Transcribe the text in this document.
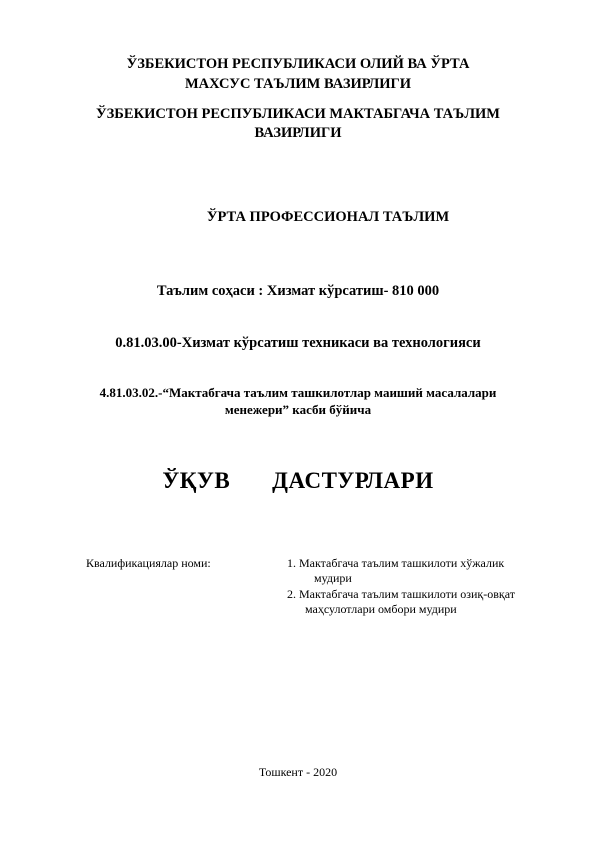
ЎЗБЕКИСТОН РЕСПУБЛИКАСИ ОЛИЙ ВА ЎРТА
МАХСУС ТАЪЛИМ ВАЗИРЛИГИ
ЎЗБЕКИСТОН РЕСПУБЛИКАСИ МАКТАБГАЧА ТАЪЛИМ
ВАЗИРЛИГИ
ЎРТА ПРОФЕССИОНАЛ ТАЪЛИМ
Таълим соҳаси : Хизмат кўрсатиш- 810 000
0.81.03.00-Хизмат кўрсатиш техникаси ва технологияси
4.81.03.02.-“Мактабгача таълим ташкилотлар маиший масалалари
менежери” касби бўйича
ЎҚУВ ДАСТУРЛАРИ
Квалификациялар номи:	1. Мактабгача таълим ташкилоти хўжалик
мудири
2. Мактабгача таълим ташкилоти озиқ-овқат
маҳсулотлари омбори мудири
Тошкент - 2020
